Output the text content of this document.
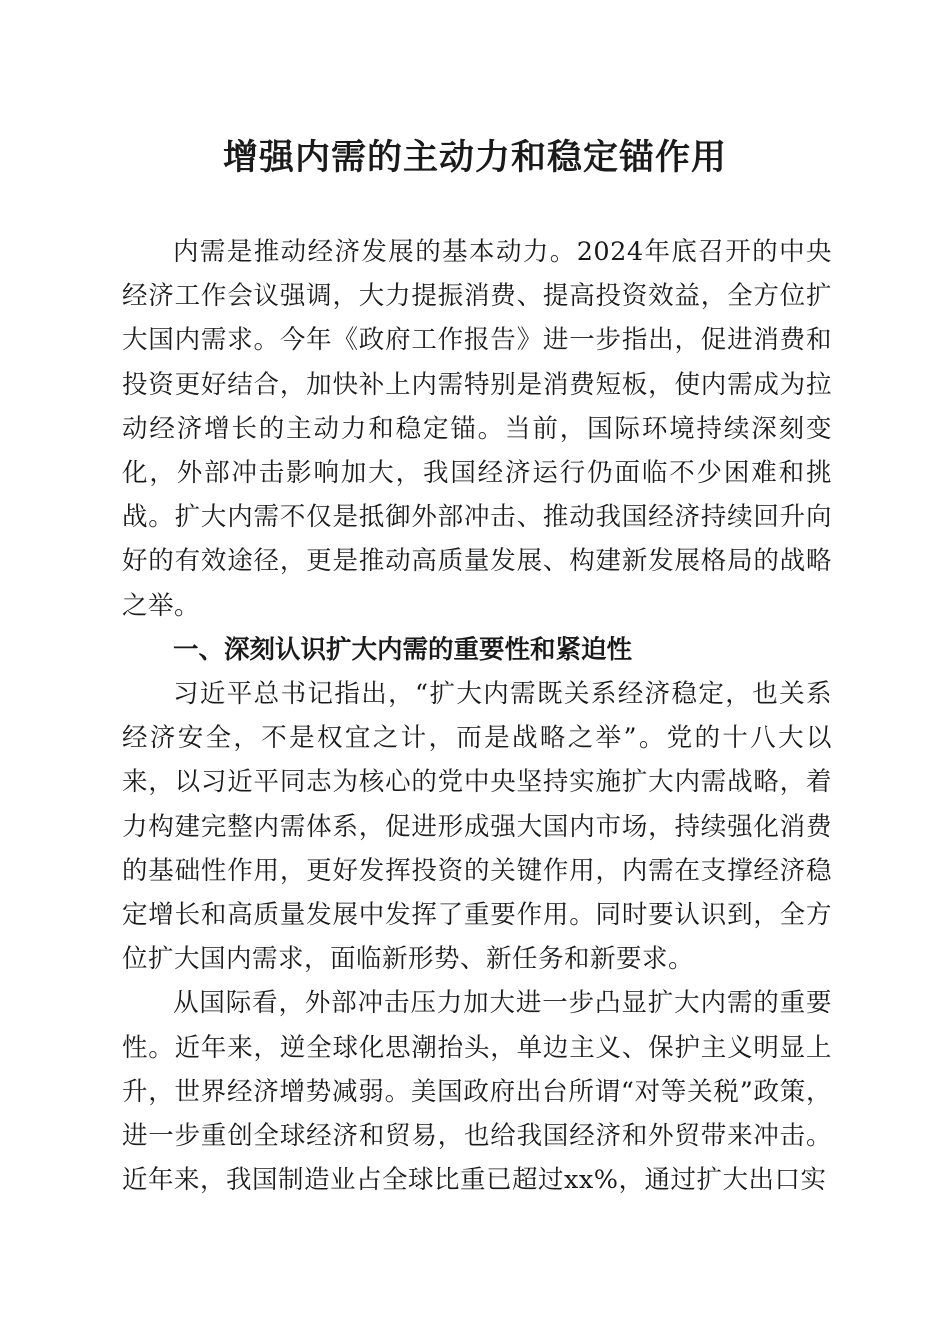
增强内需的主动力和稳定锚作用

内需是推动经济发展的基本动力。2024年底召开的中央经济工作会议强调，大力提振消费、提高投资效益，全方位扩大国内需求。今年《政府工作报告》进一步指出，促进消费和投资更好结合，加快补上内需特别是消费短板，使内需成为拉动经济增长的主动力和稳定锚。当前，国际环境持续深刻变化，外部冲击影响加大，我国经济运行仍面临不少困难和挑战。扩大内需不仅是抵御外部冲击、推动我国经济持续回升向好的有效途径，更是推动高质量发展、构建新发展格局的战略之举。

一、深刻认识扩大内需的重要性和紧迫性

习近平总书记指出，“扩大内需既关系经济稳定，也关系经济安全，不是权宜之计，而是战略之举”。党的十八大以来，以习近平同志为核心的党中央坚持实施扩大内需战略，着力构建完整内需体系，促进形成强大国内市场，持续强化消费的基础性作用，更好发挥投资的关键作用，内需在支撑经济稳定增长和高质量发展中发挥了重要作用。同时要认识到，全方位扩大国内需求，面临新形势、新任务和新要求。

从国际看，外部冲击压力加大进一步凸显扩大内需的重要性。近年来，逆全球化思潮抬头，单边主义、保护主义明显上升，世界经济增势减弱。美国政府出台所谓“对等关税”政策，进一步重创全球经济和贸易，也给我国经济和外贸带来冲击。近年来，我国制造业占全球比重已超过xx%，通过扩大出口实
